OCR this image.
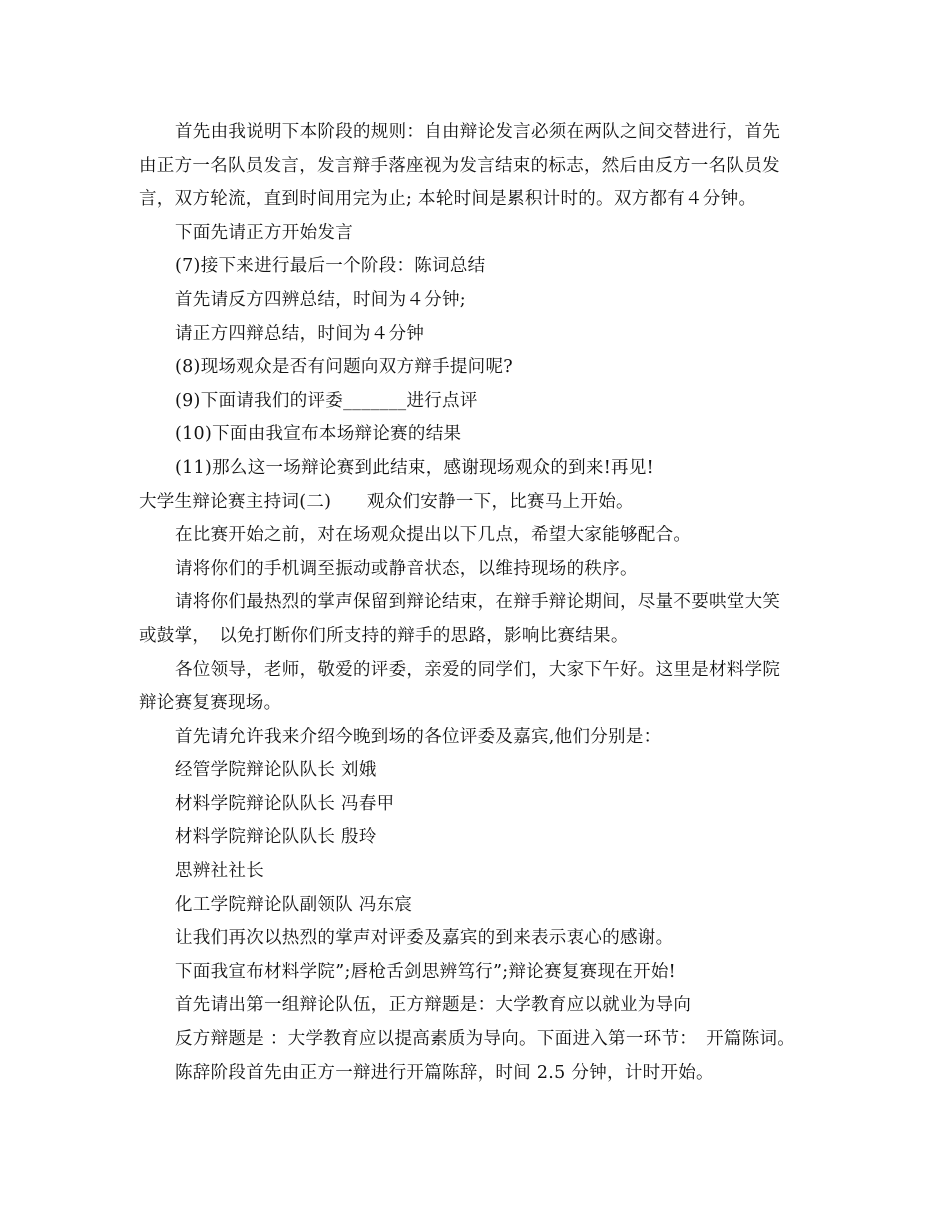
首先由我说明下本阶段的规则：自由辩论发言必须在两队之间交替进行，首先
由正方一名队员发言，发言辩手落座视为发言结束的标志，然后由反方一名队员发
言，双方轮流，直到时间用完为止; 本轮时间是累积计时的。双方都有４分钟。
下面先请正方开始发言
(7)接下来进行最后一个阶段：陈词总结
首先请反方四辨总结，时间为４分钟;
请正方四辩总结，时间为４分钟
(8)现场观众是否有问题向双方辩手提问呢?
(9)下面请我们的评委_______进行点评
(10)下面由我宣布本场辩论赛的结果
(11)那么这一场辩论赛到此结束，感谢现场观众的到来!再见!
大学生辩论赛主持词(二)　　观众们安静一下，比赛马上开始。
在比赛开始之前，对在场观众提出以下几点，希望大家能够配合。
请将你们的手机调至振动或静音状态，以维持现场的秩序。
请将你们最热烈的掌声保留到辩论结束，在辩手辩论期间，尽量不要哄堂大笑
或鼓掌，　以免打断你们所支持的辩手的思路，影响比赛结果。
各位领导，老师，敬爱的评委，亲爱的同学们，大家下午好。这里是材料学院
辩论赛复赛现场。
首先请允许我来介绍今晚到场的各位评委及嘉宾,他们分别是：
经管学院辩论队队长 刘娥
材料学院辩论队队长 冯春甲
材料学院辩论队队长 殷玲
思辨社社长
化工学院辩论队副领队 冯东宸
让我们再次以热烈的掌声对评委及嘉宾的到来表示衷心的感谢。
下面我宣布材料学院”;唇枪舌剑思辨笃行”;辩论赛复赛现在开始!
首先请出第一组辩论队伍，正方辩题是：大学教育应以就业为导向
反方辩题是 ：大学教育应以提高素质为导向。下面进入第一环节：　开篇陈词。
陈辞阶段首先由正方一辩进行开篇陈辞，时间 2.5 分钟，计时开始。
